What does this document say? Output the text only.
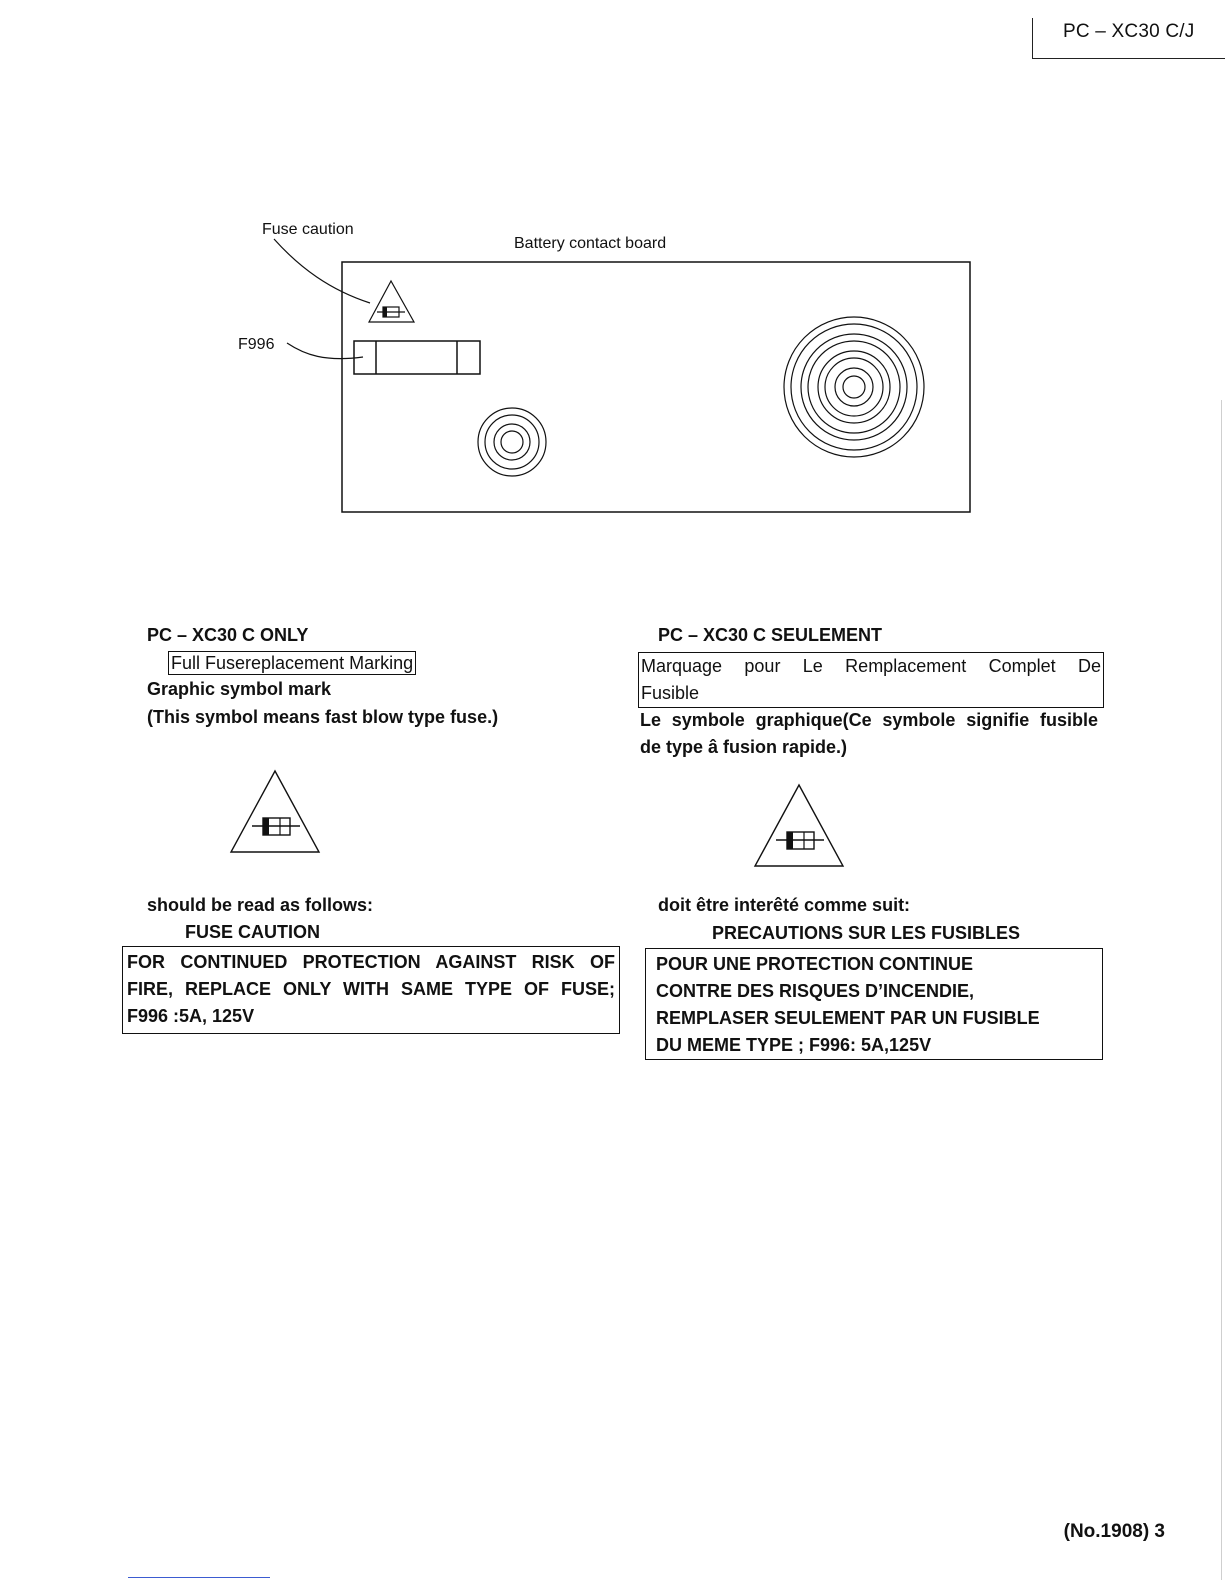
PC – XC30 C/J
Fuse caution
Battery contact board
F996
PC – XC30 C ONLY
Full Fusereplacement Marking
Graphic symbol mark
(This symbol means fast blow type fuse.)
should be read as follows:
FUSE CAUTION
FOR CONTINUED PROTECTION AGAINST RISK OF
FIRE, REPLACE ONLY WITH SAME TYPE OF FUSE;
F996 :5A, 125V
PC – XC30 C SEULEMENT
Marquage pour Le Remplacement Complet De
Fusible
Le symbole graphique(Ce symbole signifie fusible
de type â fusion rapide.)
doit être interêté comme suit:
PRECAUTIONS SUR LES FUSIBLES
POUR UNE PROTECTION CONTINUE
CONTRE DES RISQUES D’INCENDIE,
REMPLASER SEULEMENT PAR UN FUSIBLE
DU MEME TYPE ; F996: 5A,125V
(No.1908) 3
